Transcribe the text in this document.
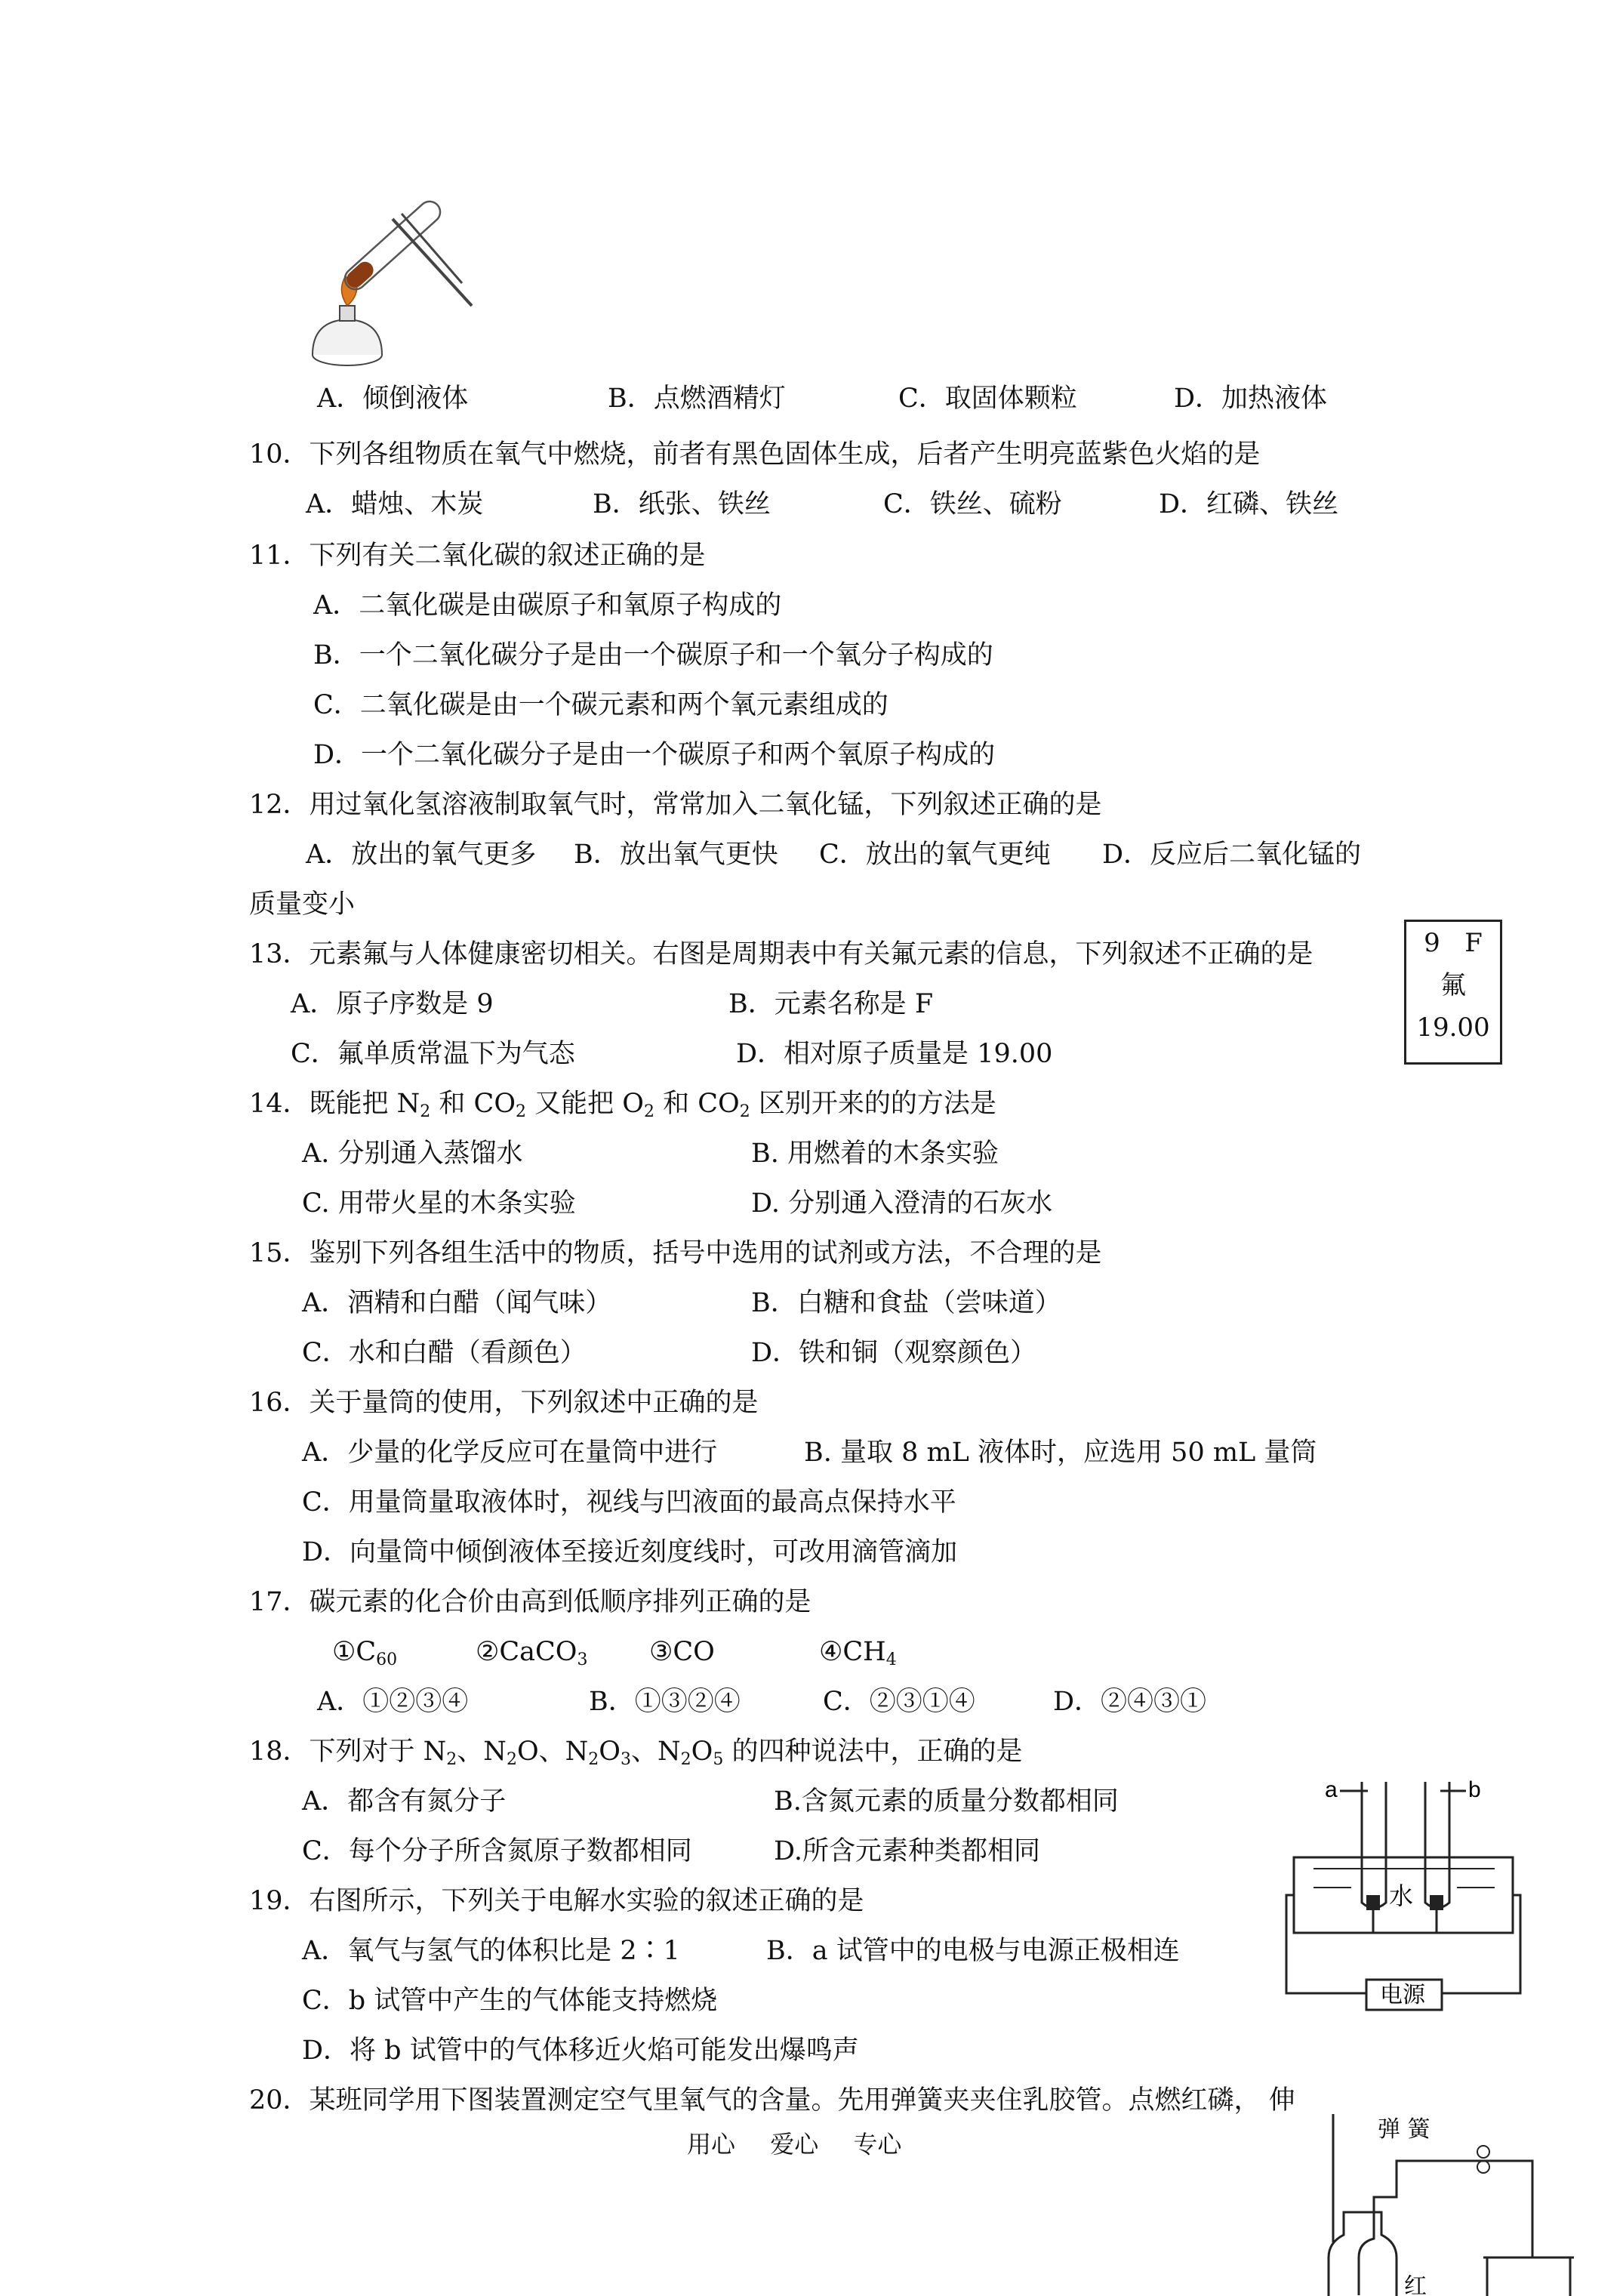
A．倾倒液体	B．点燃酒精灯	C．取固体颗粒	D．加热液体
10．下列各组物质在氧气中燃烧，前者有黑色固体生成，后者产生明亮蓝紫色火焰的是
A．蜡烛、木炭	B．纸张、铁丝	C．铁丝、硫粉	D．红磷、铁丝
11．下列有关二氧化碳的叙述正确的是
A．二氧化碳是由碳原子和氧原子构成的
B．一个二氧化碳分子是由一个碳原子和一个氧分子构成的
C．二氧化碳是由一个碳元素和两个氧元素组成的
D．一个二氧化碳分子是由一个碳原子和两个氧原子构成的
12．用过氧化氢溶液制取氧气时，常常加入二氧化锰，下列叙述正确的是
A．放出的氧气更多 B．放出氧气更快 C．放出的氧气更纯 D．反应后二氧化锰的
质量变小
13．元素氟与人体健康密切相关。右图是周期表中有关氟元素的信息，下列叙述不正确的是
A．原子序数是 9	B．元素名称是 F
C．氟单质常温下为气态	D．相对原子质量是 19.00
9 F
氟
19.00
14．既能把 $N_2$ 和 $CO_2$ 又能把 $O_2$ 和 $CO_2$ 区别开来的的方法是
A. 分别通入蒸馏水	B. 用燃着的木条实验
C. 用带火星的木条实验	D. 分别通入澄清的石灰水
15．鉴别下列各组生活中的物质，括号中选用的试剂或方法，不合理的是
A．酒精和白醋（闻气味）	B．白糖和食盐（尝味道）
C．水和白醋（看颜色）	D．铁和铜（观察颜色）
16．关于量筒的使用，下列叙述中正确的是
A．少量的化学反应可在量筒中进行	B. 量取 8 mL 液体时，应选用 50 mL 量筒
C．用量筒量取液体时，视线与凹液面的最高点保持水平
D．向量筒中倾倒液体至接近刻度线时，可改用滴管滴加
17．碳元素的化合价由高到低顺序排列正确的是
$①C_{60}$	②CaCO$_3$ ③CO	$④CH_4$
A．①②③④	B．①③②④	C．②③①④	D．②④③①
18．下列对于 $N_2$、$N_2O$、$N_2O_3$、$N_2O_5$ 的四种说法中，正确的是
A．都含有氮分子	B.含氮元素的质量分数都相同
C．每个分子所含氮原子数都相同	D.所含元素种类都相同
a	b
水
电源
19．右图所示，下列关于电解水实验的叙述正确的是
A．氧气与氢气的体积比是 2∶1	B．a 试管中的电极与电源正极相连
C．b 试管中产生的气体能支持燃烧
D．将 b 试管中的气体移近火焰可能发出爆鸣声
20．某班同学用下图装置测定空气里氧气的含量。先用弹簧夹夹住乳胶管。点燃红磷， 伸
弹 簧
红
用心 爱心 专心
